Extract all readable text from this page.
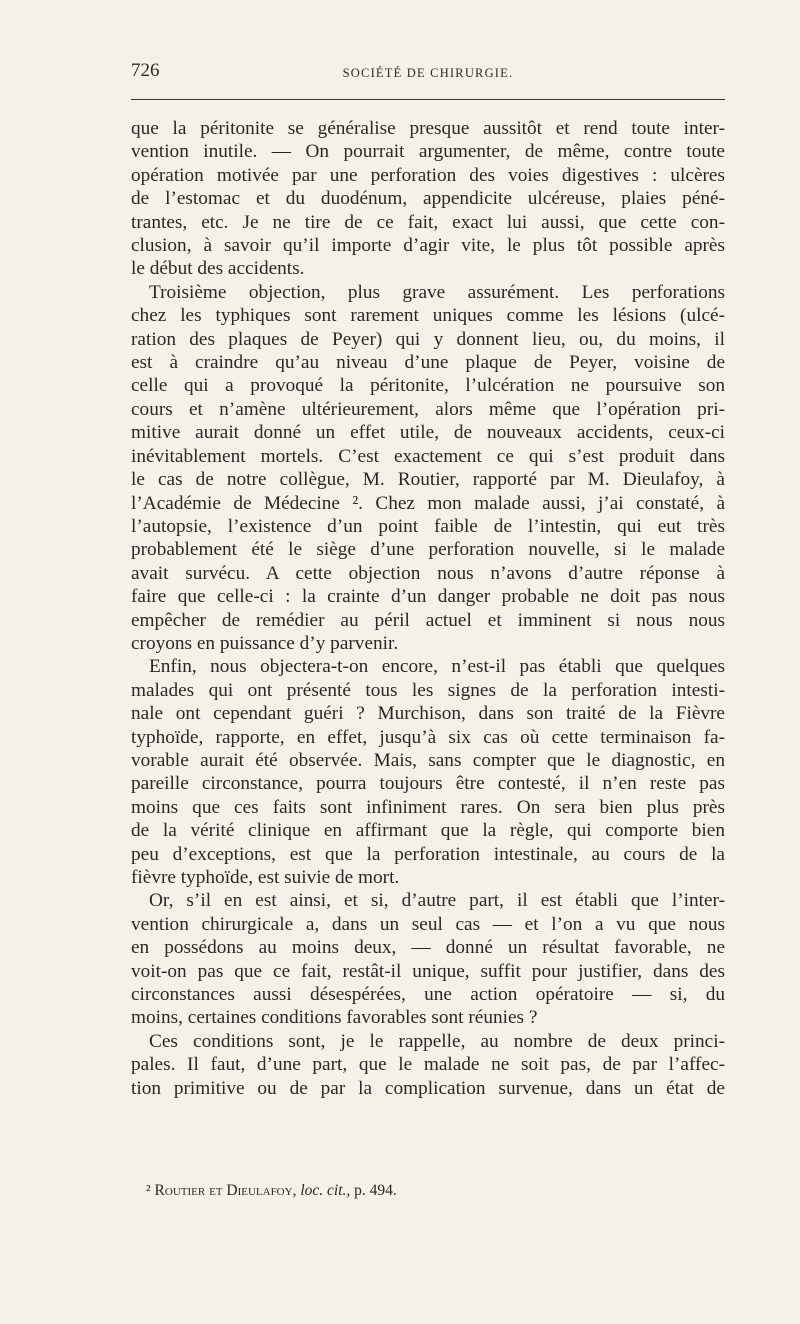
726	SOCIÉTÉ DE CHIRURGIE.
que la péritonite se généralise presque aussitôt et rend toute inter-
vention inutile. — On pourrait argumenter, de même, contre toute
opération motivée par une perforation des voies digestives : ulcères
de l’estomac et du duodénum, appendicite ulcéreuse, plaies péné-
trantes, etc. Je ne tire de ce fait, exact lui aussi, que cette con-
clusion, à savoir qu’il importe d’agir vite, le plus tôt possible après
le début des accidents.
Troisième objection, plus grave assurément. Les perforations
chez les typhiques sont rarement uniques comme les lésions (ulcé-
ration des plaques de Peyer) qui y donnent lieu, ou, du moins, il
est à craindre qu’au niveau d’une plaque de Peyer, voisine de
celle qui a provoqué la péritonite, l’ulcération ne poursuive son
cours et n’amène ultérieurement, alors même que l’opération pri-
mitive aurait donné un effet utile, de nouveaux accidents, ceux-ci
inévitablement mortels. C’est exactement ce qui s’est produit dans
le cas de notre collègue, M. Routier, rapporté par M. Dieulafoy, à
l’Académie de Médecine ². Chez mon malade aussi, j’ai constaté, à
l’autopsie, l’existence d’un point faible de l’intestin, qui eut très
probablement été le siège d’une perforation nouvelle, si le malade
avait survécu. A cette objection nous n’avons d’autre réponse à
faire que celle-ci : la crainte d’un danger probable ne doit pas nous
empêcher de remédier au péril actuel et imminent si nous nous
croyons en puissance d’y parvenir.
Enfin, nous objectera-t-on encore, n’est-il pas établi que quelques
malades qui ont présenté tous les signes de la perforation intesti-
nale ont cependant guéri ? Murchison, dans son traité de la Fièvre
typhoïde, rapporte, en effet, jusqu’à six cas où cette terminaison fa-
vorable aurait été observée. Mais, sans compter que le diagnostic, en
pareille circonstance, pourra toujours être contesté, il n’en reste pas
moins que ces faits sont infiniment rares. On sera bien plus près
de la vérité clinique en affirmant que la règle, qui comporte bien
peu d’exceptions, est que la perforation intestinale, au cours de la
fièvre typhoïde, est suivie de mort.
Or, s’il en est ainsi, et si, d’autre part, il est établi que l’inter-
vention chirurgicale a, dans un seul cas — et l’on a vu que nous
en possédons au moins deux, — donné un résultat favorable, ne
voit-on pas que ce fait, restât-il unique, suffit pour justifier, dans des
circonstances aussi désespérées, une action opératoire — si, du
moins, certaines conditions favorables sont réunies ?
Ces conditions sont, je le rappelle, au nombre de deux princi-
pales. Il faut, d’une part, que le malade ne soit pas, de par l’affec-
tion primitive ou de par la complication survenue, dans un état de
² Routier et Dieulafoy, loc. cit., p. 494.
